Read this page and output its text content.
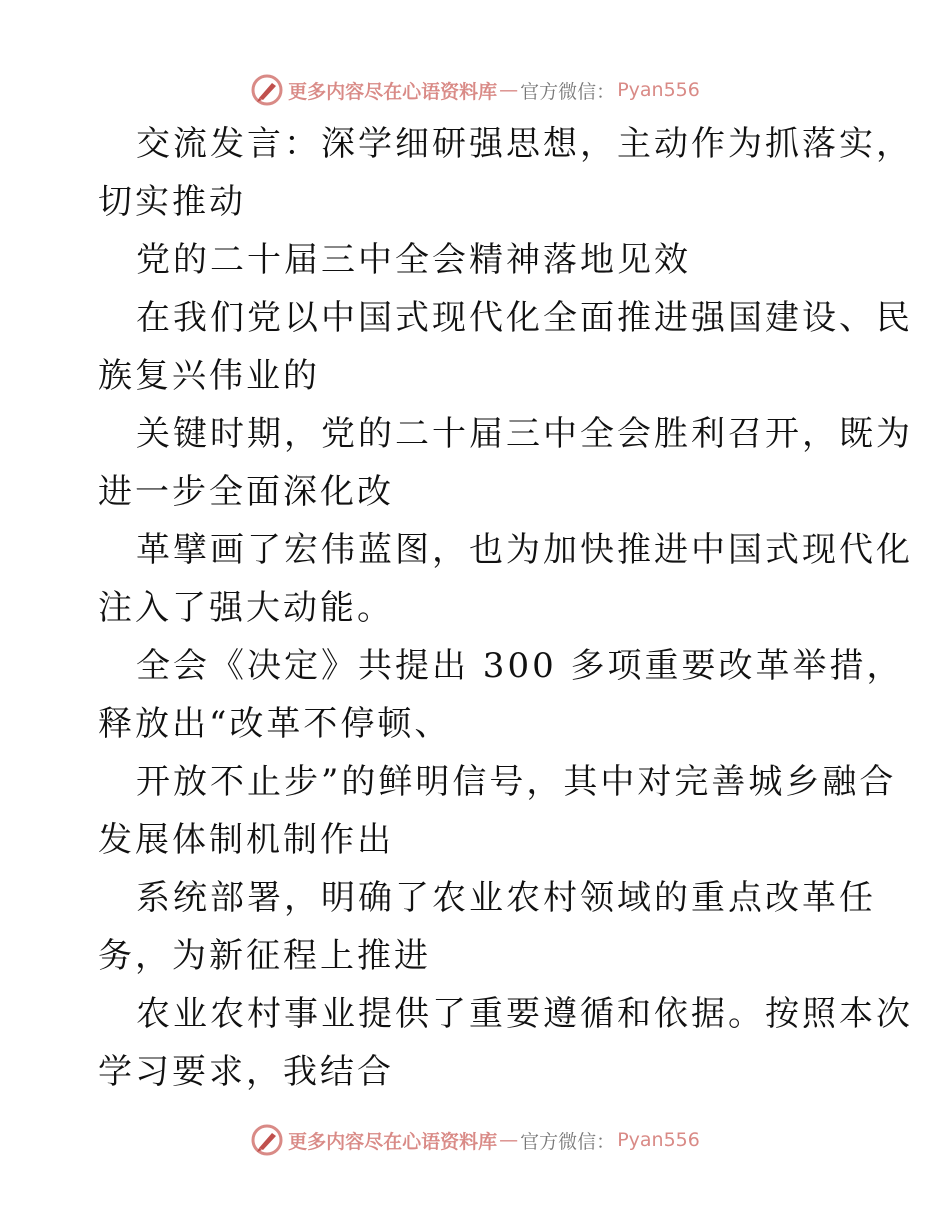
更多内容尽在心语资料库 — 官方微信： Pyan556
交流发言：深学细研强思想，主动作为抓落实，
切实推动
党的二十届三中全会精神落地见效
在我们党以中国式现代化全面推进强国建设、民
族复兴伟业的
关键时期，党的二十届三中全会胜利召开，既为
进一步全面深化改
革擘画了宏伟蓝图，也为加快推进中国式现代化
注入了强大动能。
全会《决定》共提出 300 多项重要改革举措，
释放出“改革不停顿、
开放不止步”的鲜明信号，其中对完善城乡融合
发展体制机制作出
系统部署，明确了农业农村领域的重点改革任
务，为新征程上推进
农业农村事业提供了重要遵循和依据。按照本次
学习要求，我结合
更多内容尽在心语资料库 — 官方微信： Pyan556
